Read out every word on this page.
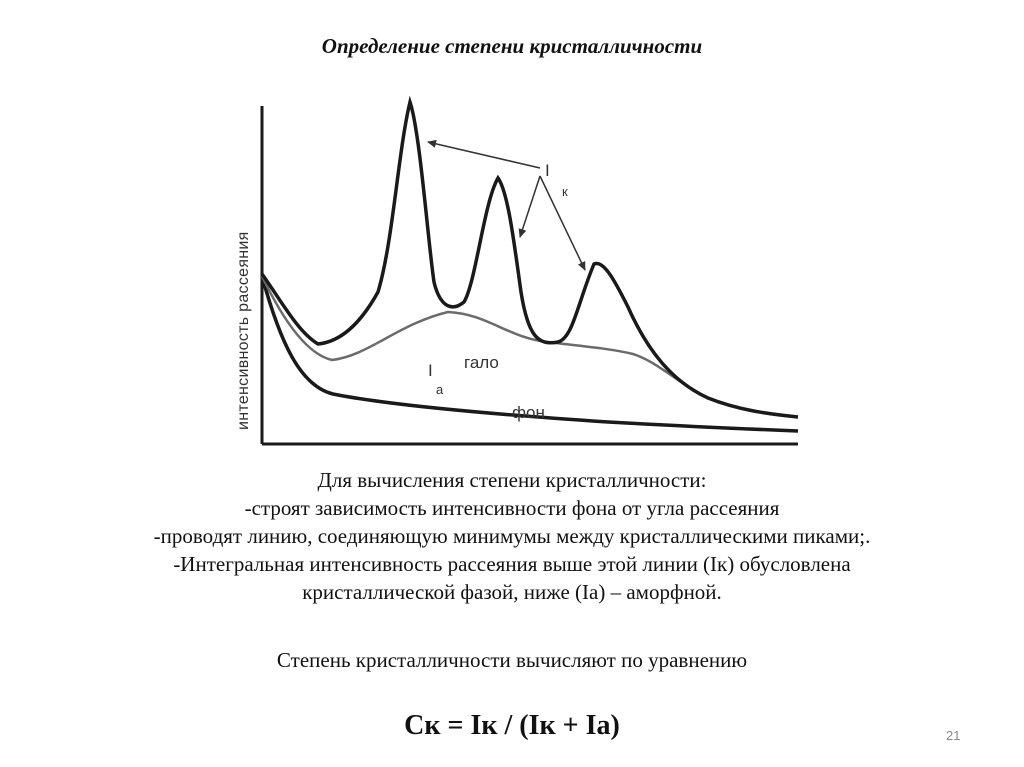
Определение степени кристалличности
интенсивность рассеяния
I
к
I
а
гало
фон
Для вычисления степени кристалличности:
-строят зависимость интенсивности фона от угла рассеяния
-проводят линию, соединяющую минимумы между кристаллическими пиками;.
-Интегральная интенсивность рассеяния выше этой линии (Iк) обусловлена
кристаллической фазой, ниже (Iа) – аморфной.
Степень кристалличности вычисляют по уравнению
Ск = Iк / (Iк + Iа)	21
